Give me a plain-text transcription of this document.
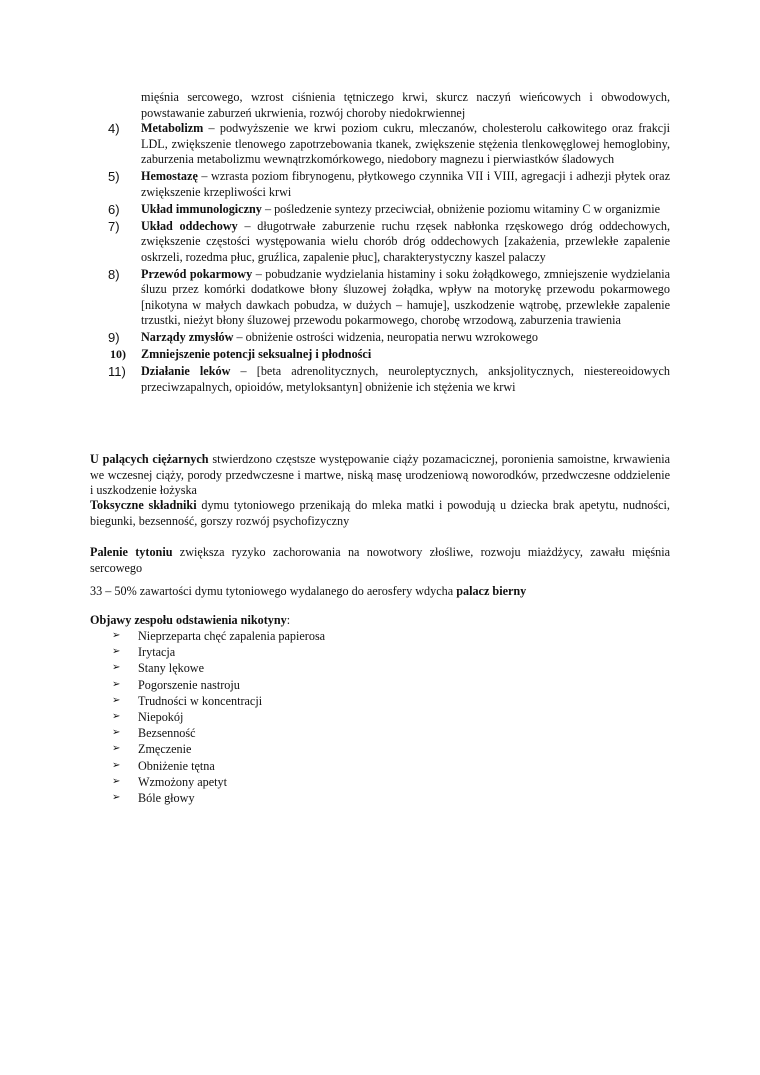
mięśnia sercowego, wzrost ciśnienia tętniczego krwi, skurcz naczyń wieńcowych i obwodowych, powstawanie zaburzeń ukrwienia, rozwój choroby niedokrwiennej
4)	Metabolizm – podwyższenie we krwi poziom cukru, mleczanów, cholesterolu całkowitego oraz frakcji LDL, zwiększenie tlenowego zapotrzebowania tkanek, zwiększenie stężenia tlenkowęglowej hemoglobiny, zaburzenia metabolizmu wewnątrzkomórkowego, niedobory magnezu i pierwiastków śladowych
5)	Hemostazę – wzrasta poziom fibrynogenu, płytkowego czynnika VII i VIII, agregacji i adhezji płytek oraz zwiększenie krzepliwości krwi
6)	Układ immunologiczny – pośledzenie syntezy przeciwciał, obniżenie poziomu witaminy C w organizmie
7)	Układ oddechowy – długotrwałe zaburzenie ruchu rzęsek nabłonka rzęskowego dróg oddechowych, zwiększenie częstości występowania wielu chorób dróg oddechowych [zakażenia, przewlekłe zapalenie oskrzeli, rozedma płuc, gruźlica, zapalenie płuc], charakterystyczny kaszel palaczy
8)	Przewód pokarmowy – pobudzanie wydzielania histaminy i soku żołądkowego, zmniejszenie wydzielania śluzu przez komórki dodatkowe błony śluzowej żołądka, wpływ na motorykę przewodu pokarmowego [nikotyna w małych dawkach pobudza, w dużych – hamuje], uszkodzenie wątrobę, przewlekłe zapalenie trzustki, nieżyt błony śluzowej przewodu pokarmowego, chorobę wrzodową, zaburzenia trawienia
9)	Narządy zmysłów – obniżenie ostrości widzenia, neuropatia nerwu wzrokowego
10)	Zmniejszenie potencji seksualnej i płodności
11)	Działanie leków – [beta adrenolitycznych, neuroleptycznych, anksjolitycznych, niestereoidowych przeciwzapalnych, opioidów, metyloksantyn] obniżenie ich stężenia we krwi
U palących ciężarnych stwierdzono częstsze występowanie ciąży pozamacicznej, poronienia samoistne, krwawienia we wczesnej ciąży, porody przedwczesne i martwe, niską masę urodzeniową noworodków, przedwczesne oddzielenie i uszkodzenie łożyska
Toksyczne składniki dymu tytoniowego przenikają do mleka matki i powodują u dziecka brak apetytu, nudności, biegunki, bezsenność, gorszy rozwój psychofizyczny
Palenie tytoniu zwiększa ryzyko zachorowania na nowotwory złośliwe, rozwoju miażdżycy, zawału mięśnia sercowego
33 – 50% zawartości dymu tytoniowego wydalanego do aerosfery wdycha palacz bierny
Objawy zespołu odstawienia nikotyny:
➢ Nieprzeparta chęć zapalenia papierosa
➢ Irytacja
➢ Stany lękowe
➢ Pogorszenie nastroju
➢ Trudności w koncentracji
➢ Niepokój
➢ Bezsenność
➢ Zmęczenie
➢ Obniżenie tętna
➢ Wzmożony apetyt
➢ Bóle głowy
